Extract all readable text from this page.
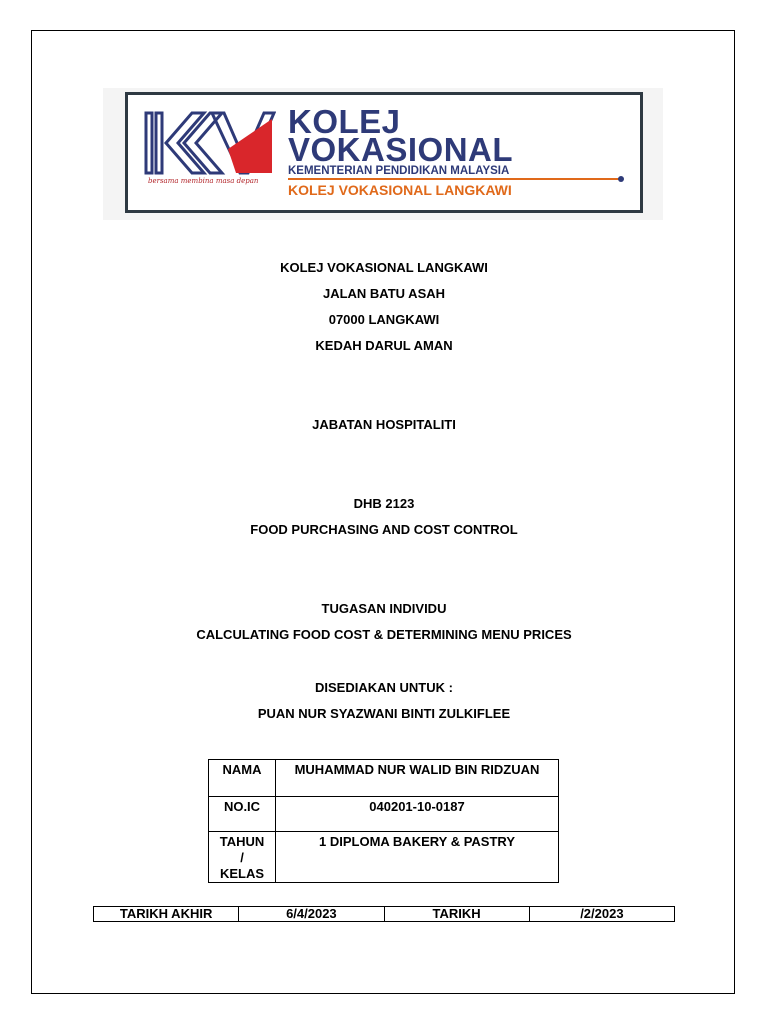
bersama membina masa depan
KOLEJ
VOKASIONAL
KEMENTERIAN PENDIDIKAN MALAYSIA
KOLEJ VOKASIONAL LANGKAWI
KOLEJ VOKASIONAL LANGKAWI
JALAN BATU ASAH
07000 LANGKAWI
KEDAH DARUL AMAN
JABATAN HOSPITALITI
DHB 2123
FOOD PURCHASING AND COST CONTROL
TUGASAN INDIVIDU
CALCULATING FOOD COST & DETERMINING MENU PRICES
DISEDIAKAN UNTUK :
PUAN NUR SYAZWANI BINTI ZULKIFLEE
NAMA	MUHAMMAD NUR WALID BIN RIDZUAN
NO.IC	040201-10-0187

TAHUN
/
KELAS	1 DIPLOMA BAKERY & PASTRY
TARIKH AKHIR	6/4/2023	TARIKH	/2/2023
